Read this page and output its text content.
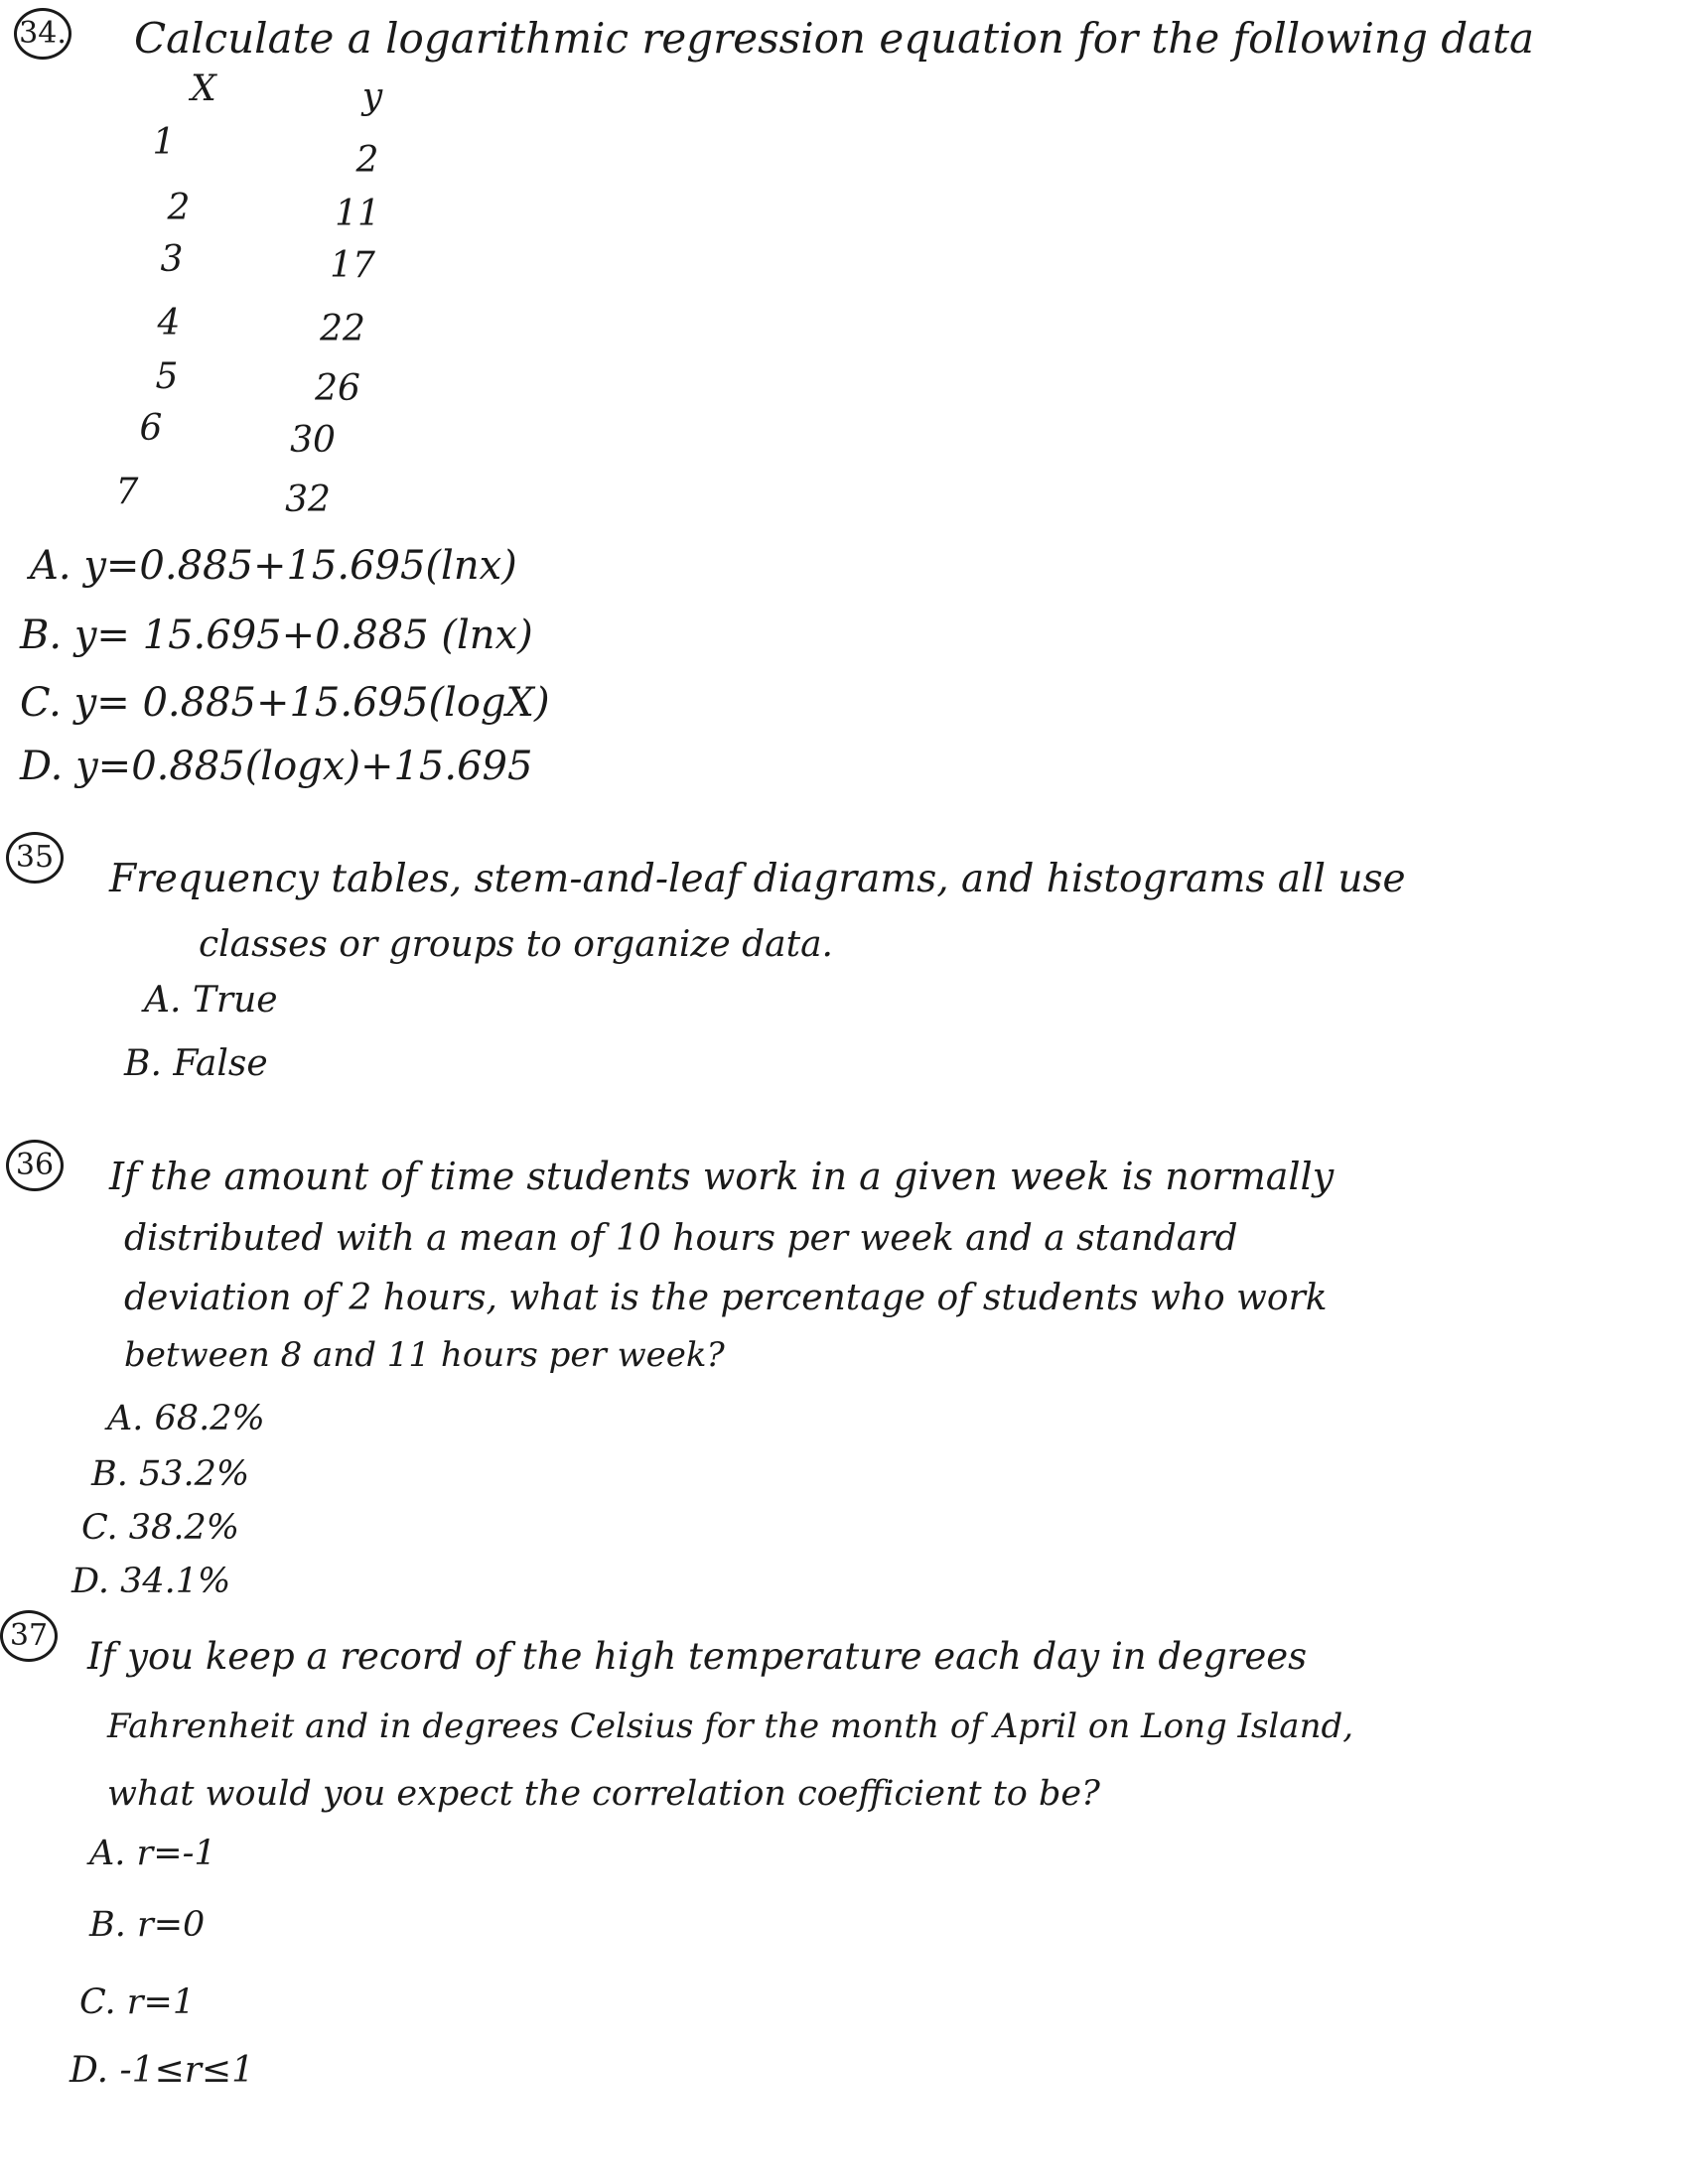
34. Calculate a logarithmic regression equation for the following data
X	y
1	2
2	11
3	17
4	22
5	26
6	30
7	32
A. y=0.885+15.695(lnx)
B. y= 15.695+0.885 (lnx)
C. y= 0.885+15.695(logX)
D. y=0.885(logx)+15.695
35 Frequency tables, stem-and-leaf diagrams, and histograms all use
classes or groups to organize data.
A. True
B. False
36 If the amount of time students work in a given week is normally
distributed with a mean of 10 hours per week and a standard
deviation of 2 hours, what is the percentage of students who work
between 8 and 11 hours per week?
A. 68.2%
B. 53.2%
C. 38.2%
D. 34.1%
37 If you keep a record of the high temperature each day in degrees
Fahrenheit and in degrees Celsius for the month of April on Long Island,
what would you expect the correlation coefficient to be?
A. r=-1
B. r=0
C. r=1
D. -1≤r≤1
